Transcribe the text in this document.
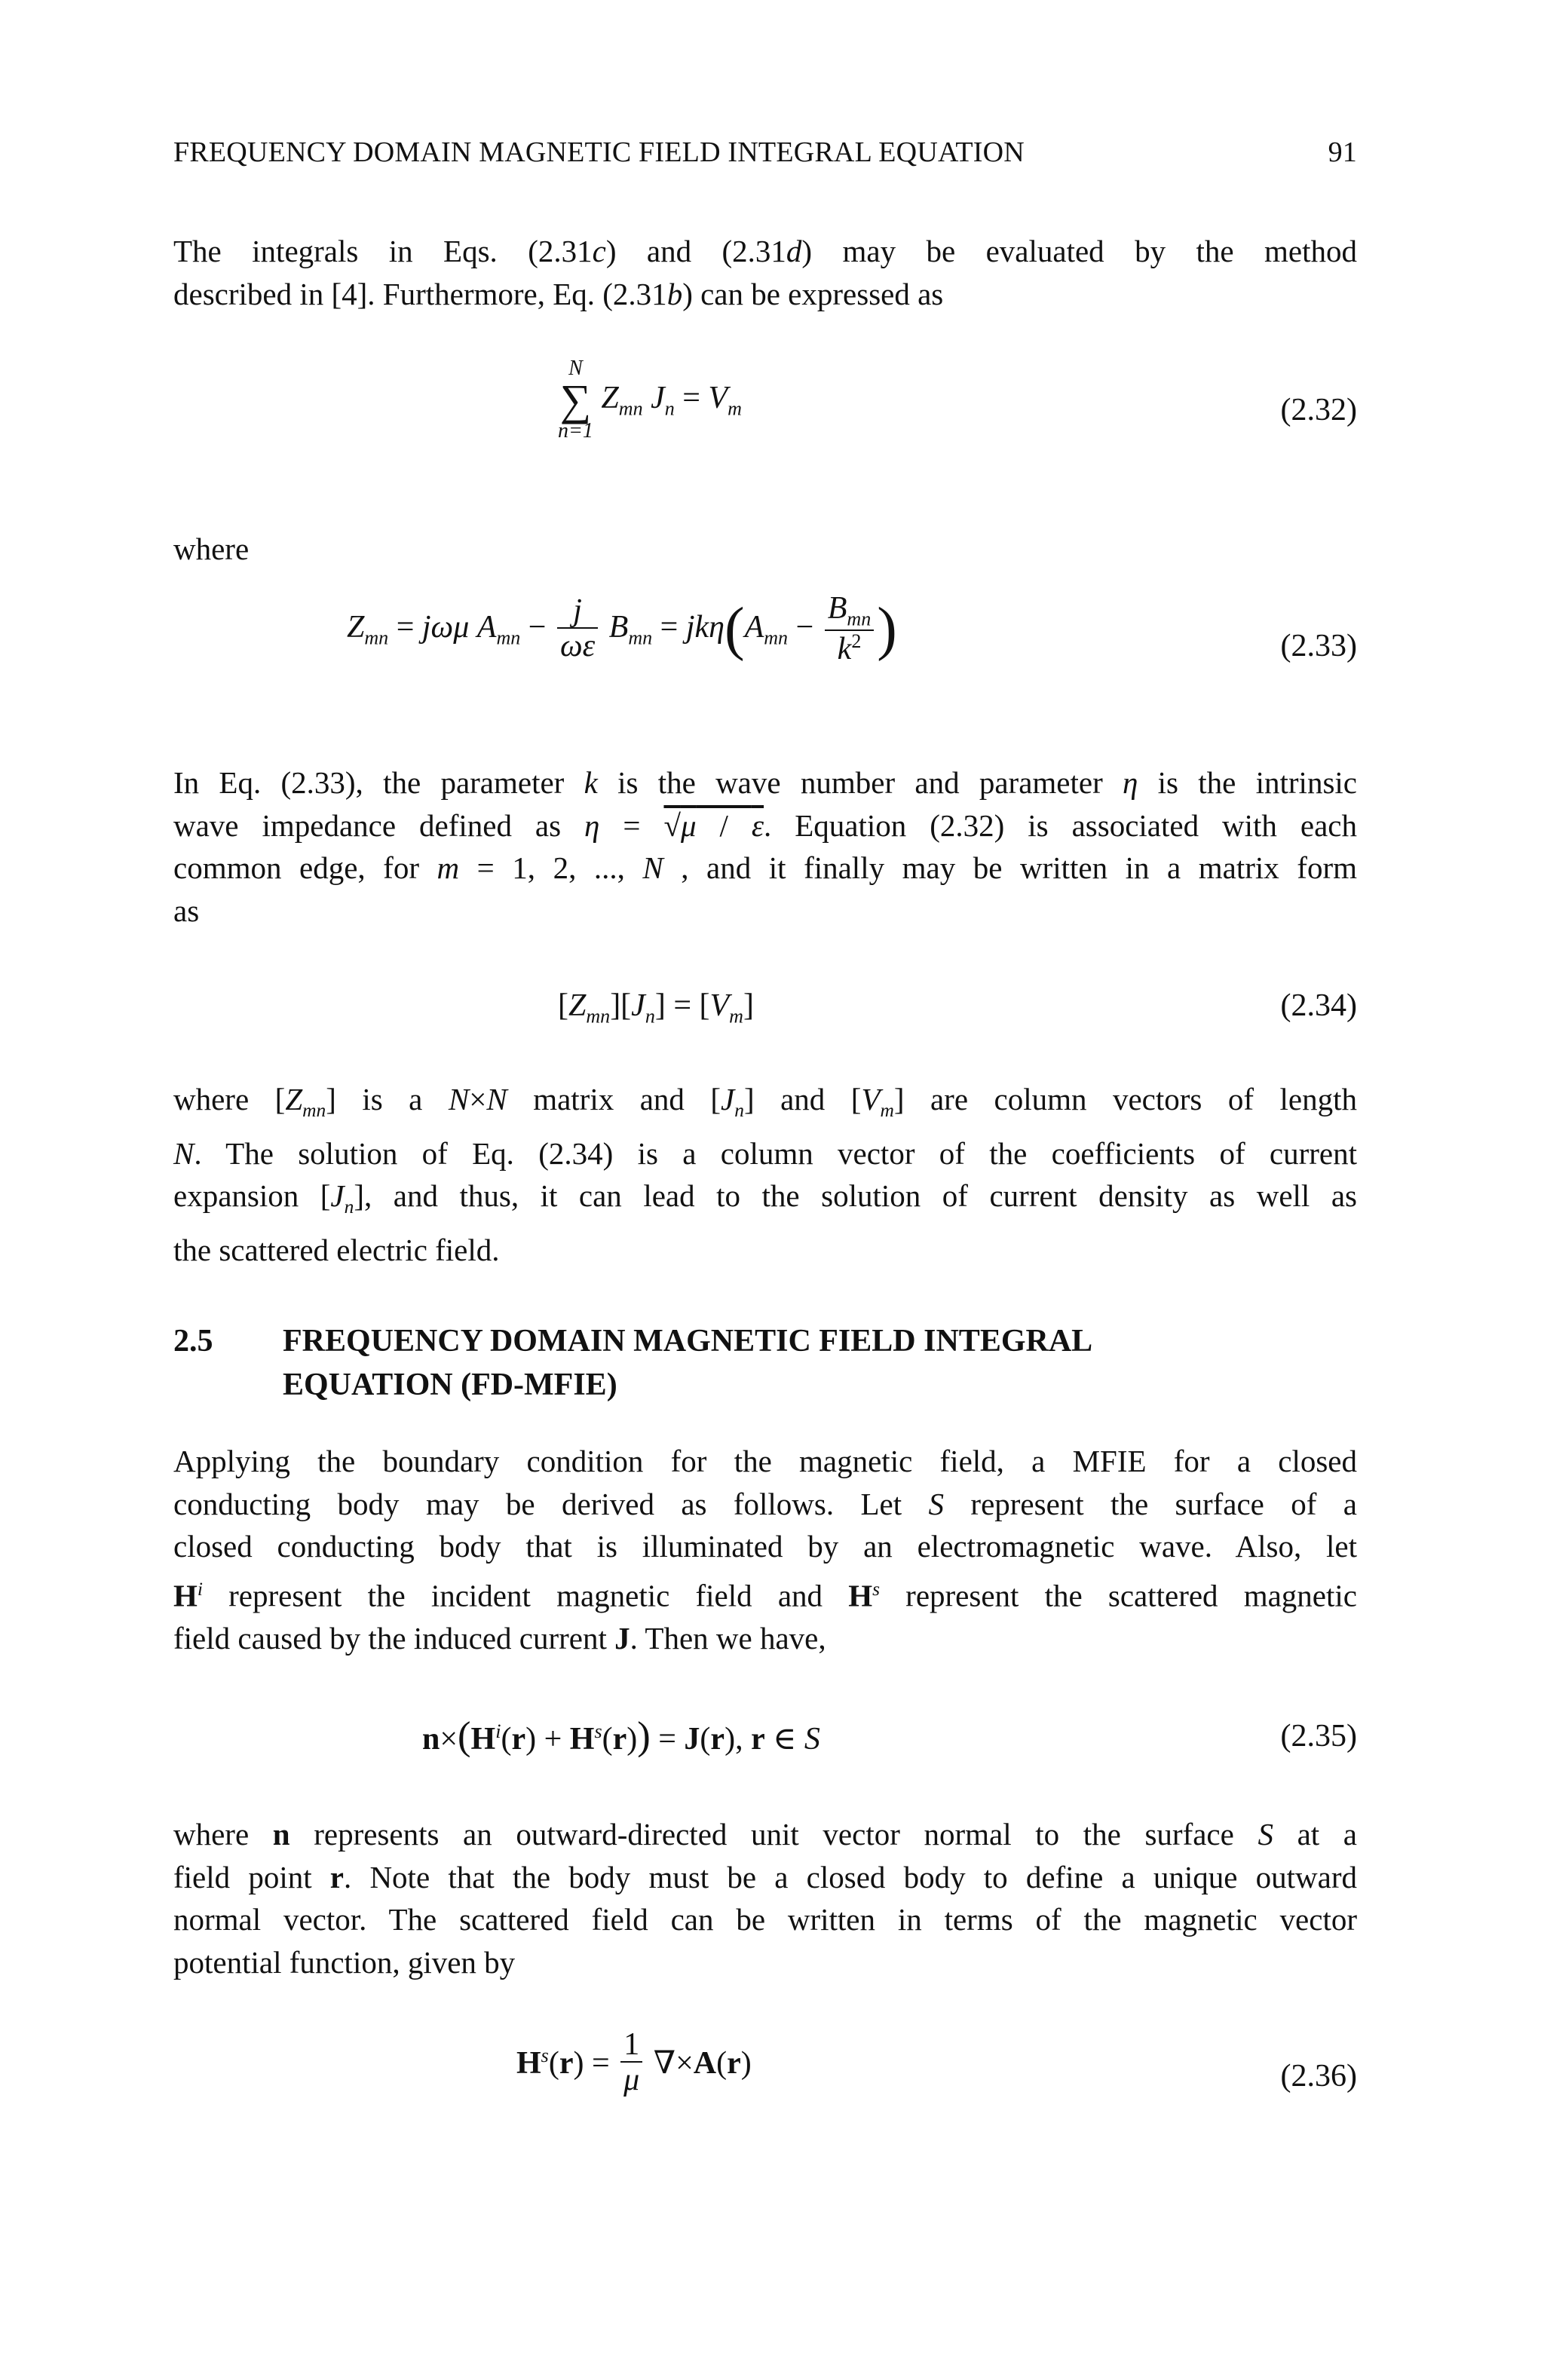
FREQUENCY DOMAIN MAGNETIC FIELD INTEGRAL EQUATION	91
The integrals in Eqs. (2.31c) and (2.31d) may be evaluated by the method
described in [4]. Furthermore, Eq. (2.31b) can be expressed as
N
∑
n=1
$Z_{mn}$ $J_n = V_m$	(2.32)
where
$Z_{mn} = j\omega\mu$ $A_{mn} - \frac{j}{\omega\varepsilon} B_{mn} = jk\eta(A_{mn} - \frac{B_{mn}}{k^2}$ )	(2.33)
In Eq. (2.33), the parameter k is the wave number and parameter η is the intrinsic
wave impedance defined as η = √μ / ε. Equation (2.32) is associated with each
common edge, for m = 1, 2, ..., N , and it finally may be written in a matrix form
as
$[Z_{mn}][J_n] = [V_m]$	(2.34)
where $[Z_{mn}]$ is a N×N matrix and $[J_n]$ and $[V_m]$ are column vectors of length
N. The solution of Eq. (2.34) is a column vector of the coefficients of current
expansion $[J_n]$, and thus, it can lead to the solution of current density as well as
the scattered electric field.
2.5 FREQUENCY DOMAIN MAGNETIC FIELD INTEGRAL
EQUATION (FD-MFIE)
Applying the boundary condition for the magnetic field, a MFIE for a closed
conducting body may be derived as follows. Let S represent the surface of a
closed conducting body that is illuminated by an electromagnetic wave. Also, let
$H^i$ represent the incident magnetic field and $H^s$ represent the scattered magnetic
field caused by the induced current J. Then we have,
$n\times(H^i(r) + H^s(r)) = J(r)$, r ∈ S	(2.35)
where n represents an outward-directed unit vector normal to the surface S at a
field point r. Note that the body must be a closed body to define a unique outward
normal vector. The scattered field can be written in terms of the magnetic vector
potential function, given by
$H^s(r) = \frac{1}{\mu} \nabla\times A(r)$	(2.36)
